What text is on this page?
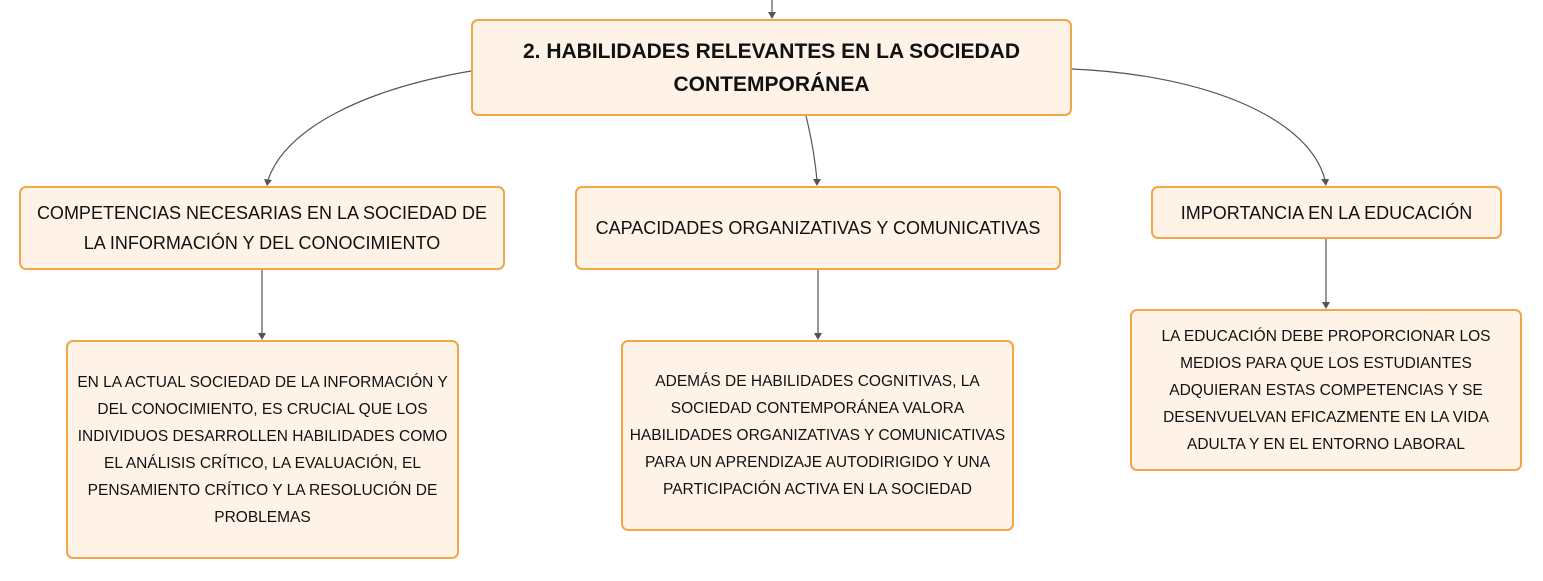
2. HABILIDADES RELEVANTES EN LA SOCIEDAD CONTEMPORÁNEA
COMPETENCIAS NECESARIAS EN LA SOCIEDAD DE LA INFORMACIÓN Y DEL CONOCIMIENTO
CAPACIDADES ORGANIZATIVAS Y COMUNICATIVAS
IMPORTANCIA EN LA EDUCACIÓN
EN LA ACTUAL SOCIEDAD DE LA INFORMACIÓN Y DEL CONOCIMIENTO, ES CRUCIAL QUE LOS INDIVIDUOS DESARROLLEN HABILIDADES COMO EL ANÁLISIS CRÍTICO, LA EVALUACIÓN, EL PENSAMIENTO CRÍTICO Y LA RESOLUCIÓN DE PROBLEMAS
ADEMÁS DE HABILIDADES COGNITIVAS, LA SOCIEDAD CONTEMPORÁNEA VALORA HABILIDADES ORGANIZATIVAS Y COMUNICATIVAS PARA UN APRENDIZAJE AUTODIRIGIDO Y UNA PARTICIPACIÓN ACTIVA EN LA SOCIEDAD
LA EDUCACIÓN DEBE PROPORCIONAR LOS MEDIOS PARA QUE LOS ESTUDIANTES ADQUIERAN ESTAS COMPETENCIAS Y SE DESENVUELVAN EFICAZMENTE EN LA VIDA ADULTA Y EN EL ENTORNO LABORAL
